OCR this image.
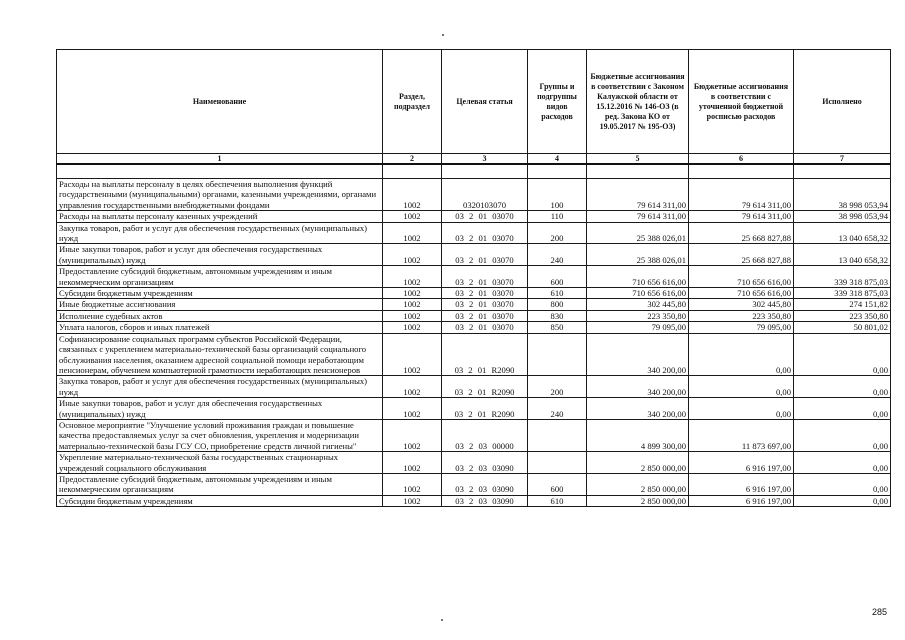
Наименование	Раздел, подраздел	Целевая статья	Группы и подгруппы видов расходов	Бюджетные ассигнования в соответствии с Законом Калужской области от 15.12.2016 № 146-ОЗ (в ред. Закона КО от 19.05.2017 № 195-ОЗ)	Бюджетные ассигнования в соответствии с уточненной бюджетной росписью расходов	Исполнено
1	2	3	4	5	6	7

Расходы на выплаты персоналу в целях обеспечения выполнения функций государственными (муниципальными) органами, казенными учреждениями, органами управления государственными внебюджетными фондами	1002	0320103070	100	79 614 311,00	79 614 311,00	38 998 053,94
Расходы на выплаты персоналу казенных учреждений	1002	03 2 01 03070	110	79 614 311,00	79 614 311,00	38 998 053,94
Закупка товаров, работ и услуг для обеспечения государственных (муниципальных) нужд	1002	03 2 01 03070	200	25 388 026,01	25 668 827,88	13 040 658,32
Иные закупки товаров, работ и услуг для обеспечения государственных (муниципальных) нужд	1002	03 2 01 03070	240	25 388 026,01	25 668 827,88	13 040 658,32
Предоставление субсидий бюджетным, автономным учреждениям и иным некоммерческим организациям	1002	03 2 01 03070	600	710 656 616,00	710 656 616,00	339 318 875,03
Субсидии бюджетным учреждениям	1002	03 2 01 03070	610	710 656 616,00	710 656 616,00	339 318 875,03
Иные бюджетные ассигнования	1002	03 2 01 03070	800	302 445,80	302 445,80	274 151,82
Исполнение судебных актов	1002	03 2 01 03070	830	223 350,80	223 350,80	223 350,80
Уплата налогов, сборов и иных платежей	1002	03 2 01 03070	850	79 095,00	79 095,00	50 801,02
Софинансирование социальных программ субъектов Российской Федерации, связанных с укреплением материально-технической базы организаций социального обслуживания населения, оказанием адресной социальной помощи неработающим пенсионерам, обучением компьютерной грамотности неработающих пенсионеров	1002	03 2 01 R2090		340 200,00	0,00	0,00
Закупка товаров, работ и услуг для обеспечения государственных (муниципальных) нужд	1002	03 2 01 R2090	200	340 200,00	0,00	0,00
Иные закупки товаров, работ и услуг для обеспечения государственных (муниципальных) нужд	1002	03 2 01 R2090	240	340 200,00	0,00	0,00
Основное мероприятие "Улучшение условий проживания граждан и повышение качества предоставляемых услуг за счет обновления, укрепления и модернизации материально-технической базы ГСУ СО, приобретение средств личной гигиены"	1002	03 2 03 00000		4 899 300,00	11 873 697,00	0,00
Укрепление материально-технической базы государственных стационарных учреждений социального обслуживания	1002	03 2 03 03090		2 850 000,00	6 916 197,00	0,00
Предоставление субсидий бюджетным, автономным учреждениям и иным некоммерческим организациям	1002	03 2 03 03090	600	2 850 000,00	6 916 197,00	0,00
Субсидии бюджетным учреждениям	1002	03 2 03 03090	610	2 850 000,00	6 916 197,00	0,00
285
